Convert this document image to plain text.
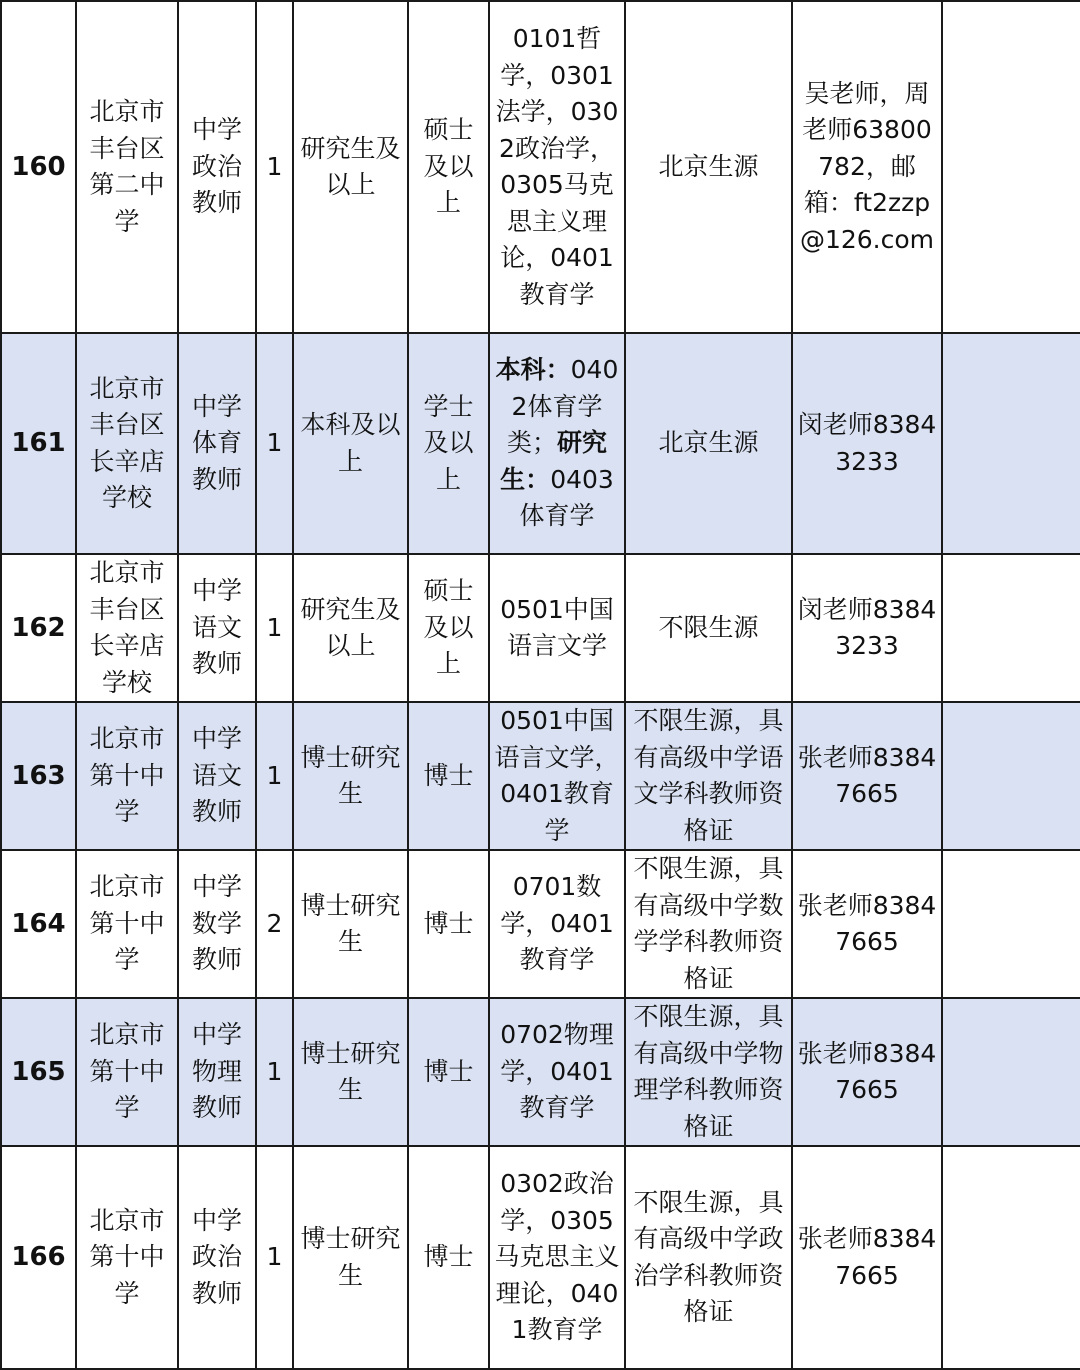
160	北京市丰台区第二中学	中学政治教师	1	研究生及以上	硕士及以上	0101哲学，0301法学，0302政治学，0305马克思主义理论，0401教育学	北京生源	吴老师，周老师63800782，邮箱：ft2zzp@126.com	
161	北京市丰台区长辛店学校	中学体育教师	1	本科及以上	学士及以上	本科：0402体育学类；研究生：0403体育学	北京生源	闵老师83843233	
162	北京市丰台区长辛店学校	中学语文教师	1	研究生及以上	硕士及以上	0501中国语言文学	不限生源	闵老师83843233	
163	北京市第十中学	中学语文教师	1	博士研究生	博士	0501中国语言文学，0401教育学	不限生源，具有高级中学语文学科教师资格证	张老师83847665	
164	北京市第十中学	中学数学教师	2	博士研究生	博士	0701数学，0401教育学	不限生源，具有高级中学数学学科教师资格证	张老师83847665	
165	北京市第十中学	中学物理教师	1	博士研究生	博士	0702物理学，0401教育学	不限生源，具有高级中学物理学科教师资格证	张老师83847665	
166	北京市第十中学	中学政治教师	1	博士研究生	博士	0302政治学，0305马克思主义理论，0401教育学	不限生源，具有高级中学政治学科教师资格证	张老师83847665	
